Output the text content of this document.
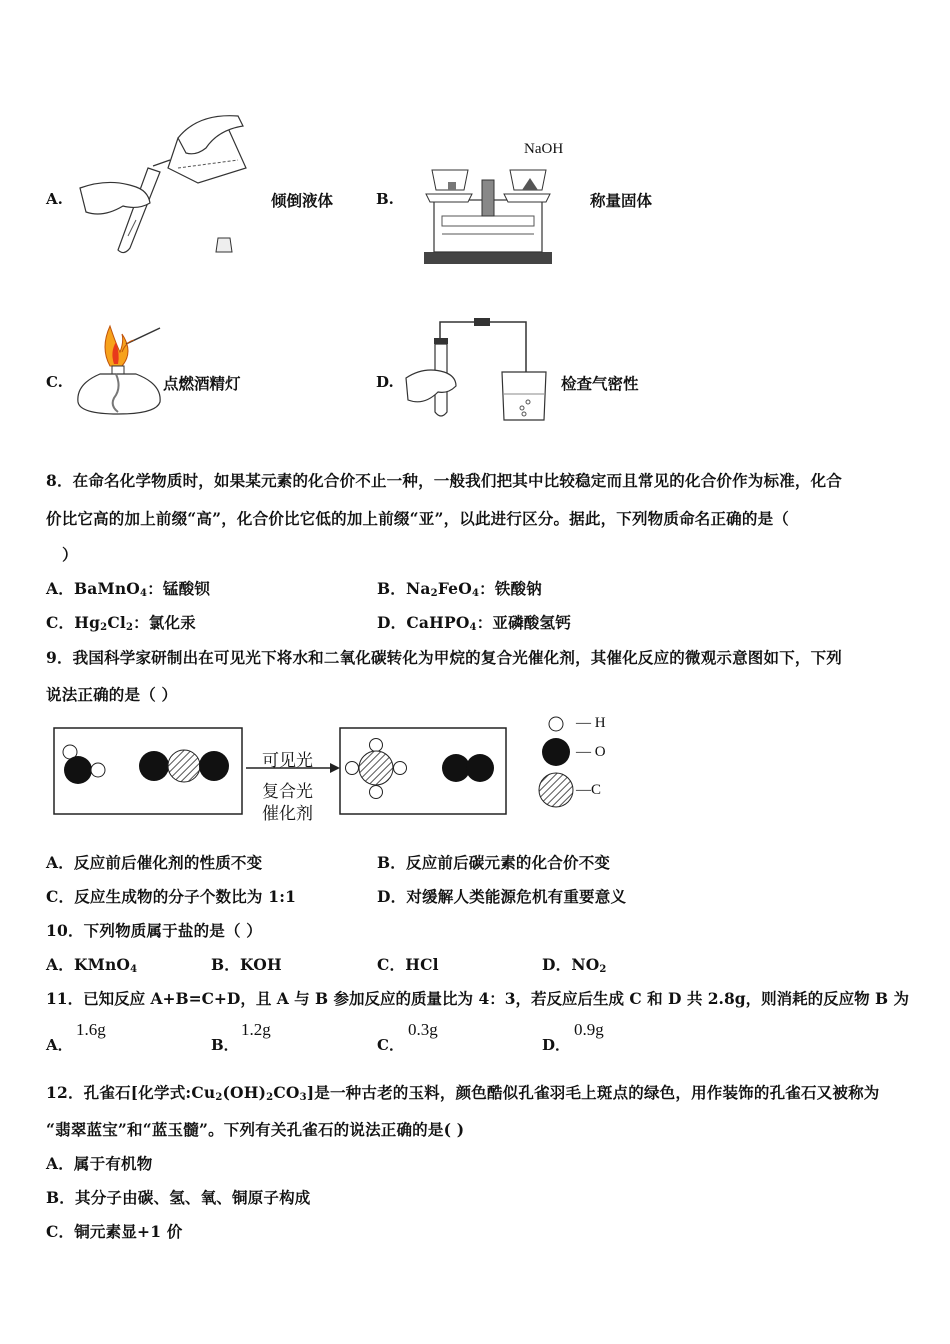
A.	倾倒液体	B.
NaOH
称量固体
C.	点燃酒精灯	D.	检查气密性
8．在命名化学物质时，如果某元素的化合价不止一种，一般我们把其中比较稳定而且常见的化合价作为标准，化合
价比它高的加上前缀“高”，化合价比它低的加上前缀“亚”，以此进行区分。据此，下列物质命名正确的是（
）
A．BaMnO$_4$：锰酸钡	B．$Na_2FeO_4$：铁酸钠
C．$Hg_2Cl_2$：氯化汞	D．CaHPO$_4$：亚磷酸氢钙
9．我国科学家研制出在可见光下将水和二氧化碳转化为甲烷的复合光催化剂，其催化反应的微观示意图如下，下列
说法正确的是（ ）
可见光
复合光
催化剂
— H
— O
—C
A．反应前后催化剂的性质不变	B．反应前后碳元素的化合价不变
C．反应生成物的分子个数比为 1:1	D．对缓解人类能源危机有重要意义
10．下列物质属于盐的是（ ）
A．KMnO$_4$	B．KOH	C．HCl	D．$NO_2$
11．已知反应 A+B=C+D，且 A 与 B 参加反应的质量比为 4：3，若反应后生成 C 和 D 共 2.8g，则消耗的反应物 B 为
A．
1.6g
B．
1.2g
C．
0.3g
D．
0.9g
12．孔雀石[化学式$:Cu_2(OH)_2CO_3$]是一种古老的玉料，颜色酷似孔雀羽毛上斑点的绿色，用作装饰的孔雀石又被称为
“翡翠蓝宝”和“蓝玉髓”。下列有关孔雀石的说法正确的是( )
A．属于有机物
B．其分子由碳、氢、氧、铜原子构成
C．铜元素显+1 价
